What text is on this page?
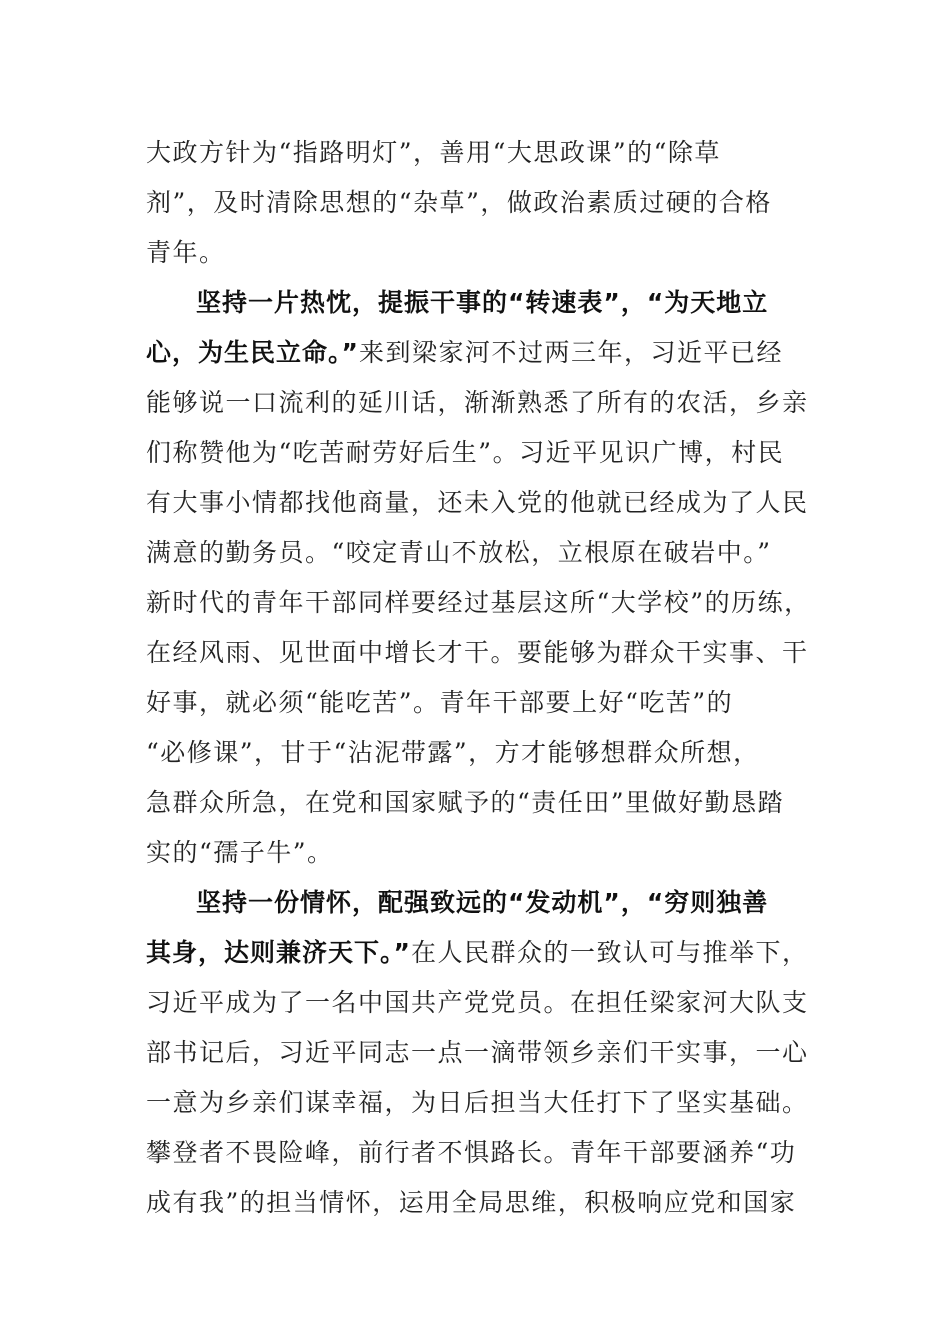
大政方针为“指路明灯”，善用“大思政课”的“除草
剂”，及时清除思想的“杂草”，做政治素质过硬的合格
青年。
坚持一片热忱，提振干事的“转速表”，“为天地立
心，为生民立命。”来到梁家河不过两三年，习近平已经
能够说一口流利的延川话，渐渐熟悉了所有的农活，乡亲
们称赞他为“吃苦耐劳好后生”。习近平见识广博，村民
有大事小情都找他商量，还未入党的他就已经成为了人民
满意的勤务员。“咬定青山不放松，立根原在破岩中。”
新时代的青年干部同样要经过基层这所“大学校”的历练，
在经风雨、见世面中增长才干。要能够为群众干实事、干
好事，就必须“能吃苦”。青年干部要上好“吃苦”的
“必修课”，甘于“沾泥带露”，方才能够想群众所想，
急群众所急，在党和国家赋予的“责任田”里做好勤恳踏
实的“孺子牛”。
坚持一份情怀，配强致远的“发动机”，“穷则独善
其身，达则兼济天下。”在人民群众的一致认可与推举下，
习近平成为了一名中国共产党党员。在担任梁家河大队支
部书记后，习近平同志一点一滴带领乡亲们干实事，一心
一意为乡亲们谋幸福，为日后担当大任打下了坚实基础。
攀登者不畏险峰，前行者不惧路长。青年干部要涵养“功
成有我”的担当情怀，运用全局思维，积极响应党和国家
